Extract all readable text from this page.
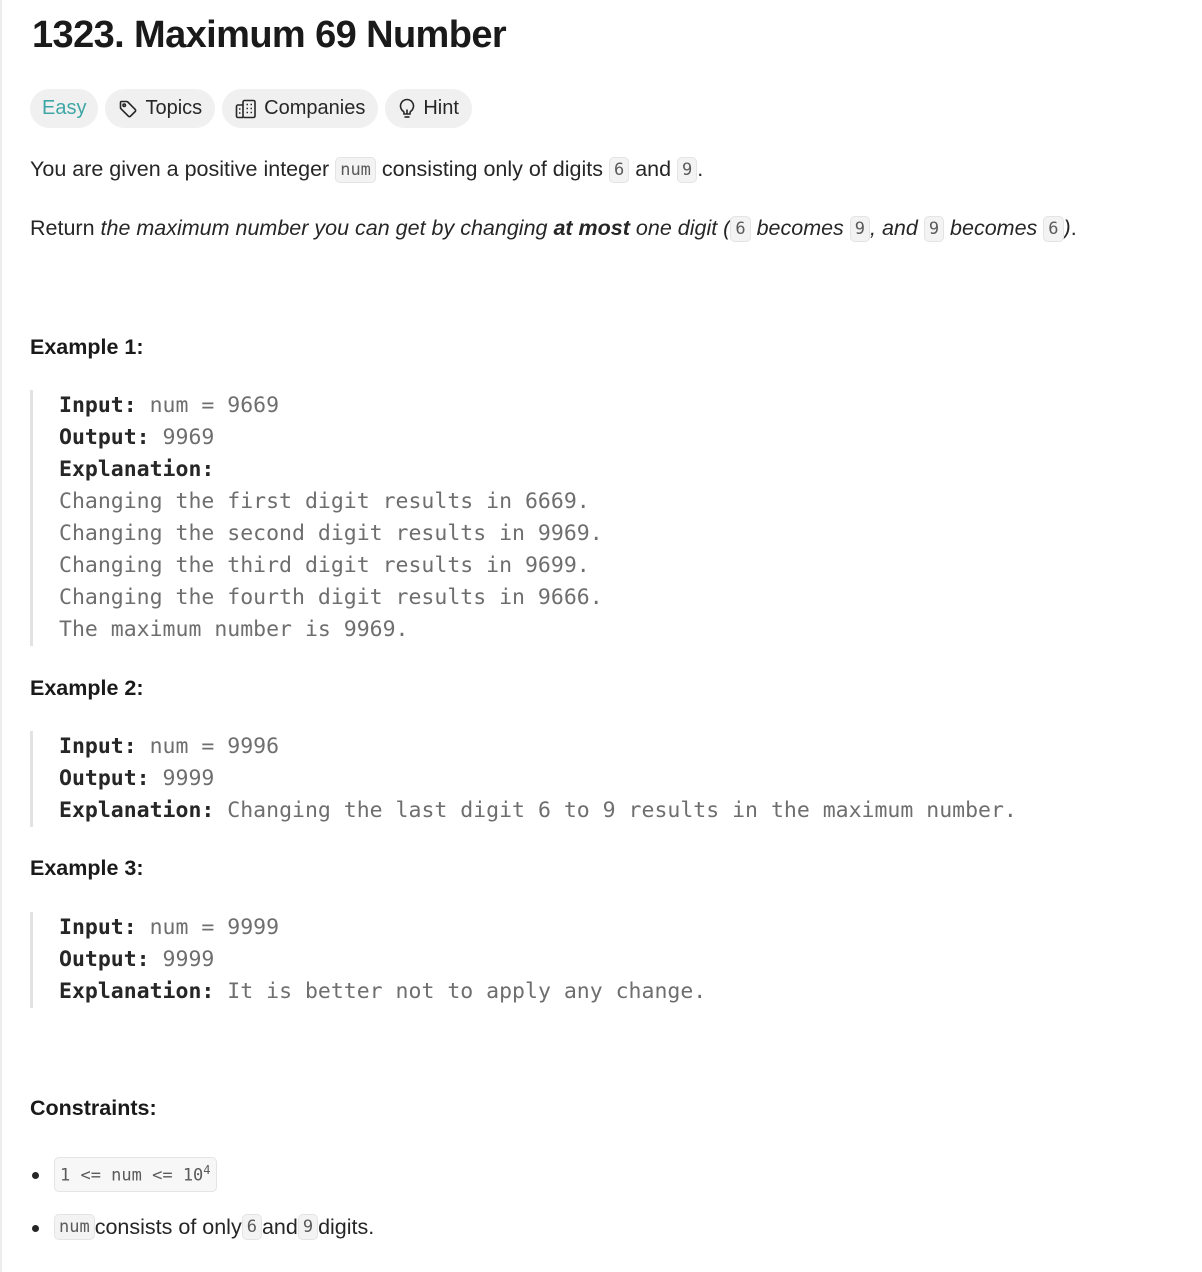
1323. Maximum 69 Number
Easy	Topics	Companies	Hint
You are given a positive integer num consisting only of digits 6 and 9 .
Return the maximum number you can get by changing at most one digit ( 6 becomes 9 , and 9 becomes 6 ).
Example 1:
Input: num = 9669
Output: 9969
Explanation:
Changing the first digit results in 6669.
Changing the second digit results in 9969.
Changing the third digit results in 9699.
Changing the fourth digit results in 9666.
The maximum number is 9969.
Example 2:
Input: num = 9996
Output: 9999
Explanation: Changing the last digit 6 to 9 results in the maximum number.
Example 3:
Input: num = 9999
Output: 9999
Explanation: It is better not to apply any change.
Constraints:
1 <= num <= $10^4$
num consists of only 6 and 9 digits.
